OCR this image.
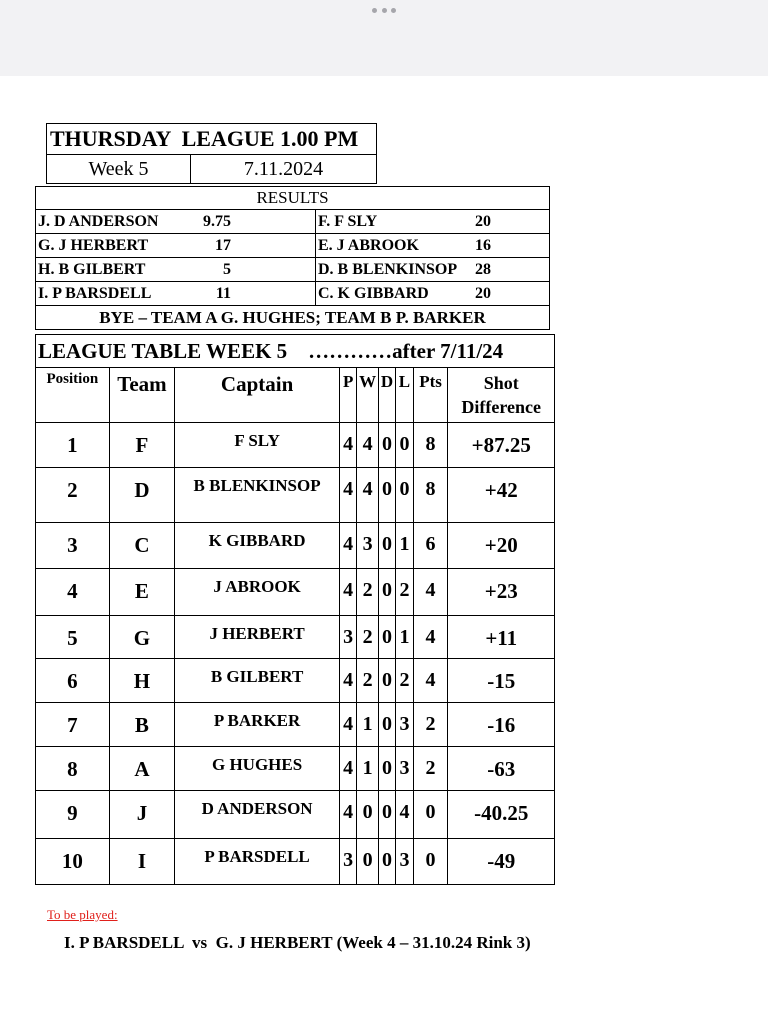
THURSDAY  LEAGUE 1.00 PM
Week 5	7.11.2024
RESULTS	
J. D ANDERSON 9.75	F. F SLY 20

G. J HERBERT 17	E. J ABROOK 16

H. B GILBERT 5	D. B BLENKINSOP 28

I. P BARSDELL 11	C. K GIBBARD 20

BYE – TEAM A G. HUGHES; TEAM B P. BARKER	
LEAGUE TABLE WEEK 5    …………after 7/11/24								
Position	Team	Captain	P	W	D	L	Pts	Shot Difference
1	F	F SLY	4	4	0	0	8	+87.25
2	D	B BLENKINSOP	4	4	0	0	8	+42
3	C	K GIBBARD	4	3	0	1	6	+20
4	E	J ABROOK	4	2	0	2	4	+23
5	G	J HERBERT	3	2	0	1	4	+11
6	H	B GILBERT	4	2	0	2	4	-15
7	B	P BARKER	4	1	0	3	2	-16
8	A	G HUGHES	4	1	0	3	2	-63
9	J	D ANDERSON	4	0	0	4	0	-40.25
10	I	P BARSDELL	3	0	0	3	0	-49
To be played:
I. P BARSDELL  vs  G. J HERBERT (Week 4 – 31.10.24 Rink 3)
